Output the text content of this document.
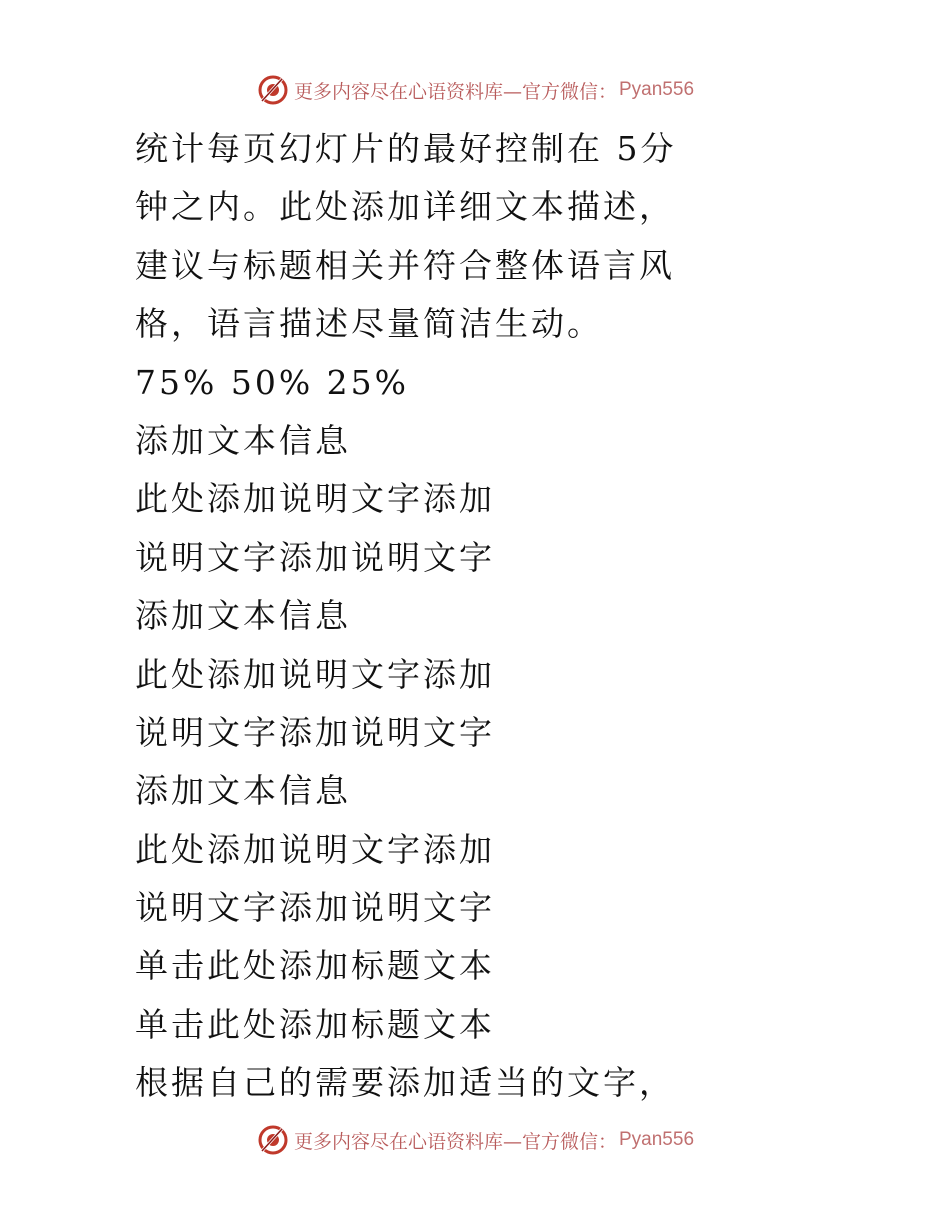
更多内容尽在心语资料库—官方微信： Pyan556
统计每页幻灯片的最好控制在 5分
钟之内。此处添加详细文本描述，
建议与标题相关并符合整体语言风
格，语言描述尽量简洁生动。
75% 50% 25%
添加文本信息
此处添加说明文字添加
说明文字添加说明文字
添加文本信息
此处添加说明文字添加
说明文字添加说明文字
添加文本信息
此处添加说明文字添加
说明文字添加说明文字
单击此处添加标题文本
单击此处添加标题文本
根据自己的需要添加适当的文字，
更多内容尽在心语资料库—官方微信： Pyan556
